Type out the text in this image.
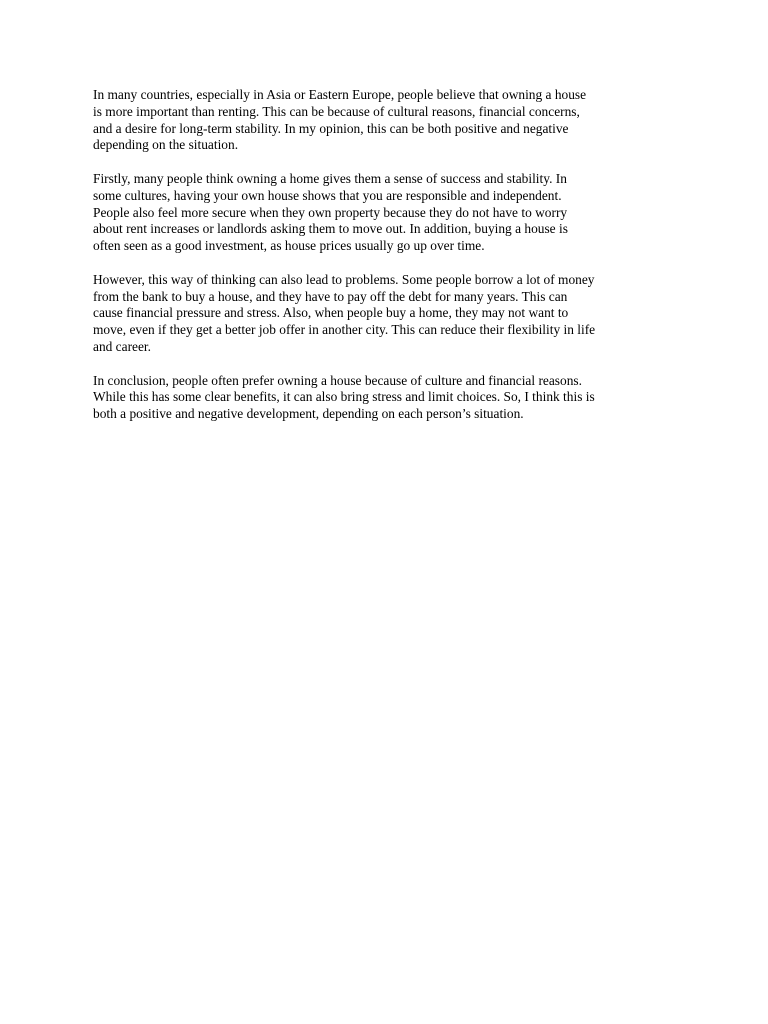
In many countries, especially in Asia or Eastern Europe, people believe that owning a house
is more important than renting. This can be because of cultural reasons, financial concerns,
and a desire for long-term stability. In my opinion, this can be both positive and negative
depending on the situation.

Firstly, many people think owning a home gives them a sense of success and stability. In
some cultures, having your own house shows that you are responsible and independent.
People also feel more secure when they own property because they do not have to worry
about rent increases or landlords asking them to move out. In addition, buying a house is
often seen as a good investment, as house prices usually go up over time.

However, this way of thinking can also lead to problems. Some people borrow a lot of money
from the bank to buy a house, and they have to pay off the debt for many years. This can
cause financial pressure and stress. Also, when people buy a home, they may not want to
move, even if they get a better job offer in another city. This can reduce their flexibility in life
and career.

In conclusion, people often prefer owning a house because of culture and financial reasons.
While this has some clear benefits, it can also bring stress and limit choices. So, I think this is
both a positive and negative development, depending on each person’s situation.
